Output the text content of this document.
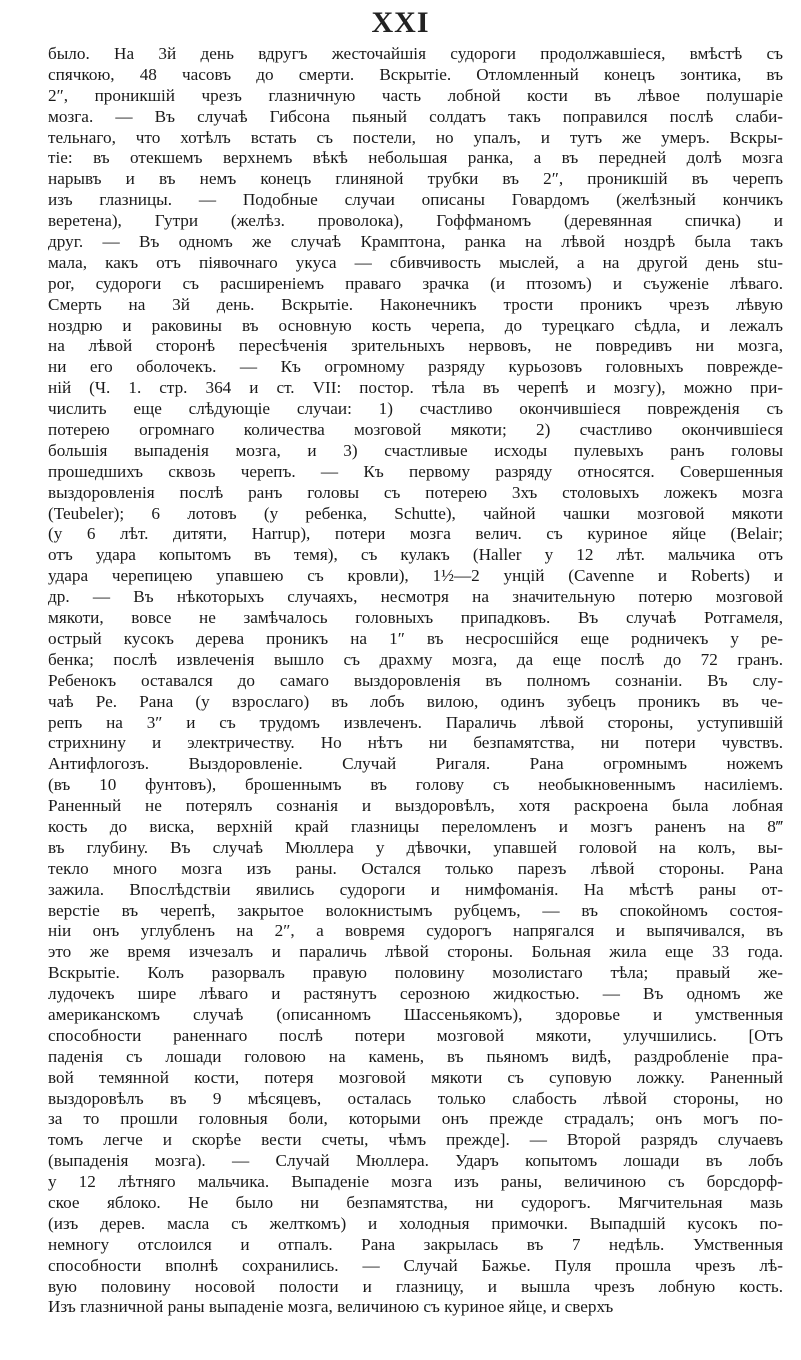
XXI
было. На 3й день вдругъ жесточайшія судороги продолжавшіеся, вмѣстѣ съ
спячкою, 48 часовъ до смерти. Вскрытіе. Отломленный конецъ зонтика, въ
2″, проникшій чрезъ глазничную часть лобной кости въ лѣвое полушаріе
мозга. — Въ случаѣ Гибсона пьяный солдатъ такъ поправился послѣ слаби-
тельнаго, что хотѣлъ встать съ постели, но упалъ, и тутъ же умеръ. Вскры-
тіе: въ отекшемъ верхнемъ вѣкѣ небольшая ранка, а въ передней долѣ мозга
нарывъ и въ немъ конецъ глиняной трубки въ 2″, проникшій въ черепъ
изъ глазницы. — Подобные случаи описаны Говардомъ (желѣзный кончикъ
веретена), Гутри (желѣз. проволока), Гоффманомъ (деревянная спичка) и
друг. — Въ одномъ же случаѣ Крамптона, ранка на лѣвой ноздрѣ была такъ
мала, какъ отъ піявочнаго укуса — сбивчивость мыслей, а на другой день stu-
por, судороги съ расширеніемъ праваго зрачка (и птозомъ) и съуженіе лѣваго.
Смерть на 3й день. Вскрытіе. Наконечникъ трости проникъ чрезъ лѣвую
ноздрю и раковины въ основную кость черепа, до турецкаго сѣдла, и лежалъ
на лѣвой сторонѣ пересѣченія зрительныхъ нервовъ, не повредивъ ни мозга,
ни его оболочекъ. — Къ огромному разряду курьозовъ головныхъ поврежде-
ній (Ч. 1. стр. 364 и ст. VII: постор. тѣла въ черепѣ и мозгу), можно при-
числить еще слѣдующіе случаи: 1) счастливо окончившіеся поврежденія съ
потерею огромнаго количества мозговой мякоти; 2) счастливо окончившіеся
большія выпаденія мозга, и 3) счастливые исходы пулевыхъ ранъ головы
прошедшихъ сквозь черепъ. — Къ первому разряду относятся. Совершенныя
выздоровленія послѣ ранъ головы съ потерею 3хъ столовыхъ ложекъ мозга
(Teubeler); 6 лотовъ (у ребенка, Schutte), чайной чашки мозговой мякоти
(у 6 лѣт. дитяти, Harrup), потери мозга велич. съ куриное яйце (Belair;
отъ удара копытомъ въ темя), съ кулакъ (Haller у 12 лѣт. мальчика отъ
удара черепицею упавшею съ кровли), 1½—2 унцій (Cavenne и Roberts) и
др. — Въ нѣкоторыхъ случаяхъ, несмотря на значительную потерю мозговой
мякоти, вовсе не замѣчалось головныхъ припадковъ. Въ случаѣ Ротгамеля,
острый кусокъ дерева проникъ на 1″ въ несросшійся еще родничекъ у ре-
бенка; послѣ извлеченія вышло съ драхму мозга, да еще послѣ до 72 гранъ.
Ребенокъ оставался до самаго выздоровленія въ полномъ сознаніи. Въ слу-
чаѣ Ре. Рана (у взрослаго) въ лобъ вилою, одинъ зубецъ проникъ въ че-
репъ на 3″ и съ трудомъ извлеченъ. Параличь лѣвой стороны, уступившій
стрихнину и электричеству. Но нѣтъ ни безпамятства, ни потери чувствъ.
Антифлогозъ. Выздоровленіе. Случай Ригаля. Рана огромнымъ ножемъ
(въ 10 фунтовъ), брошеннымъ въ голову съ необыкновеннымъ насиліемъ.
Раненный не потерялъ сознанія и выздоровѣлъ, хотя раскроена была лобная
кость до виска, верхній край глазницы переломленъ и мозгъ раненъ на 8‴
въ глубину. Въ случаѣ Мюллера у дѣвочки, упавшей головой на колъ, вы-
текло много мозга изъ раны. Остался только парезъ лѣвой стороны. Рана
зажила. Впослѣдствіи явились судороги и нимфоманія. На мѣстѣ раны от-
верстіе въ черепѣ, закрытое волокнистымъ рубцемъ, — въ спокойномъ состоя-
ніи онъ углубленъ на 2″, а вовремя судорогъ напрягался и выпячивался, въ
это же время изчезалъ и параличь лѣвой стороны. Больная жила еще 33 года.
Вскрытіе. Колъ разорвалъ правую половину мозолистаго тѣла; правый же-
лудочекъ шире лѣваго и растянутъ серозною жидкостью. — Въ одномъ же
американскомъ случаѣ (описанномъ Шассеньякомъ), здоровье и умственныя
способности раненнаго послѣ потери мозговой мякоти, улучшились. [Отъ
паденія съ лошади головою на камень, въ пьяномъ видѣ, раздробленіе пра-
вой темянной кости, потеря мозговой мякоти съ суповую ложку. Раненный
выздоровѣлъ въ 9 мѣсяцевъ, осталась только слабость лѣвой стороны, но
за то прошли головныя боли, которыми онъ прежде страдалъ; онъ могъ по-
томъ легче и скорѣе вести счеты, чѣмъ прежде]. — Второй разрядъ случаевъ
(выпаденія мозга). — Случай Мюллера. Ударъ копытомъ лошади въ лобъ
у 12 лѣтняго мальчика. Выпаденіе мозга изъ раны, величиною съ борсдорф-
ское яблоко. Не было ни безпамятства, ни судорогъ. Мягчительная мазь
(изъ дерев. масла съ желткомъ) и холодныя примочки. Выпадшій кусокъ по-
немногу отслоился и отпалъ. Рана закрылась въ 7 недѣль. Умственныя
способности вполнѣ сохранились. — Случай Бажье. Пуля прошла чрезъ лѣ-
вую половину носовой полости и глазницу, и вышла чрезъ лобную кость.
Изъ глазничной раны выпаденіе мозга, величиною съ куриное яйце, и сверхъ
